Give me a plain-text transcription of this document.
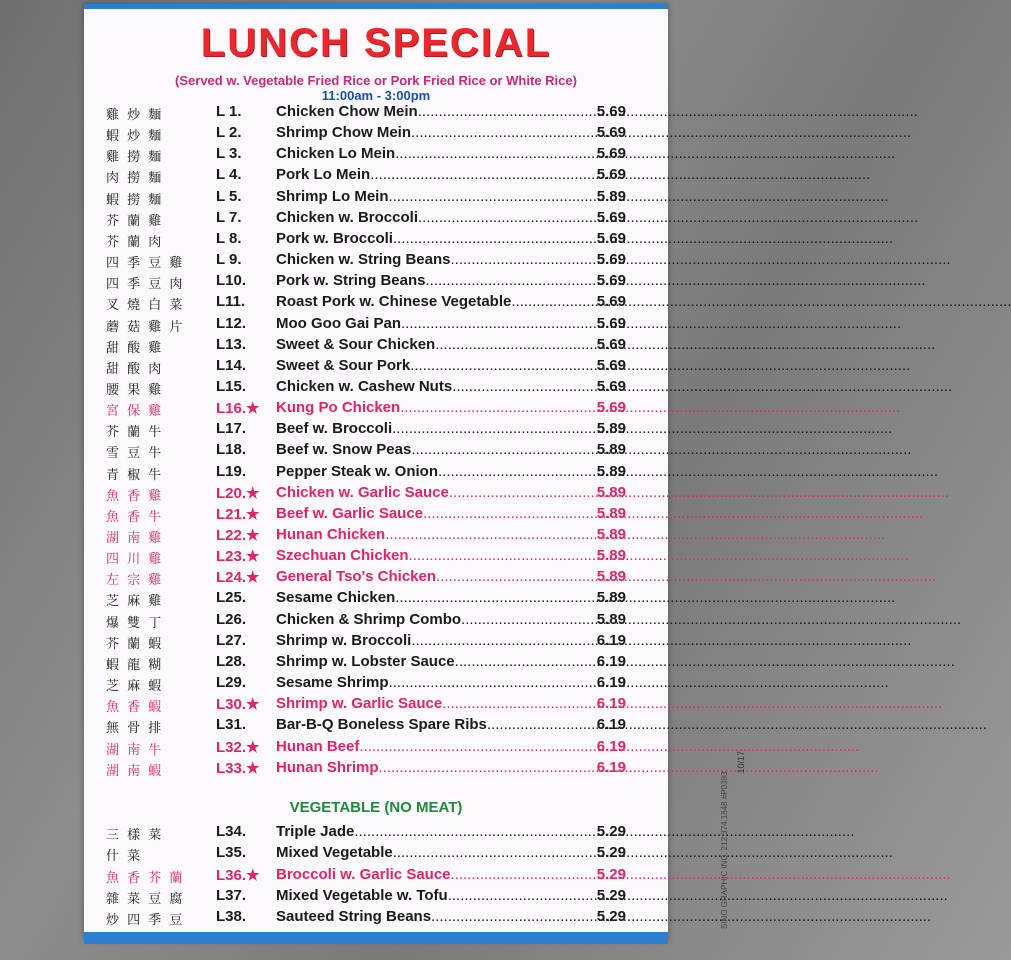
LUNCH SPECIAL
(Served w. Vegetable Fried Rice or Pork Fried Rice or White Rice)
11:00am - 3:00pm
雞 炒 麵	L 1. Chicken Chow Mein .....	5.69
蝦 炒 麵	L 2. Shrimp Chow Mein .....	5.69
雞 撈 麵	L 3. Chicken Lo Mein .....	5.69
肉 撈 麵	L 4. Pork Lo Mein .....	5.69
蝦 撈 麵	L 5. Shrimp Lo Mein .....	5.89
芥 蘭 雞	L 7. Chicken w. Broccoli .....	5.69
芥 蘭 肉	L 8. Pork w. Broccoli .....	5.69
四 季 豆 雞	L 9. Chicken w. String Beans .....	5.69
四 季 豆 肉	L10. Pork w. String Beans .....	5.69
叉 燒 白 菜	L11. Roast Pork w. Chinese Vegetable .....	5.69
蘑 菇 雞 片	L12. Moo Goo Gai Pan .....	5.69
甜 酸 雞	L13. Sweet & Sour Chicken .....	5.69
甜 酸 肉	L14. Sweet & Sour Pork .....	5.69
腰 果 雞	L15. Chicken w. Cashew Nuts .....	5.69
宮 保 雞	L16.★ Kung Po Chicken .....	5.69
芥 蘭 牛	L17. Beef w. Broccoli .....	5.89
雪 豆 牛	L18. Beef w. Snow Peas .....	5.89
青 椒 牛	L19. Pepper Steak w. Onion .....	5.89
魚 香 雞	L20.★ Chicken w. Garlic Sauce .....	5.89
魚 香 牛	L21.★ Beef w. Garlic Sauce .....	5.89
湖 南 雞	L22.★ Hunan Chicken .....	5.89
四 川 雞	L23.★ Szechuan Chicken .....	5.89
左 宗 雞	L24.★ General Tso's Chicken .....	5.89
芝 麻 雞	L25. Sesame Chicken .....	5.89
爆 雙 丁	L26. Chicken & Shrimp Combo .....	5.89
芥 蘭 蝦	L27. Shrimp w. Broccoli .....	6.19
蝦 龍 糊	L28. Shrimp w. Lobster Sauce .....	6.19
芝 麻 蝦	L29. Sesame Shrimp .....	6.19
魚 香 蝦	L30.★ Shrimp w. Garlic Sauce .....	6.19
無 骨 排	L31. Bar-B-Q Boneless Spare Ribs .....	6.19
湖 南 牛	L32.★ Hunan Beef .....	6.19
湖 南 蝦	L33.★ Hunan Shrimp .....	6.19
VEGETABLE (NO MEAT)
三 樣 菜	L34. Triple Jade .....	5.29
什 菜	L35. Mixed Vegetable .....	5.29
魚 香 芥 蘭	L36.★ Broccoli w. Garlic Sauce .....	5.29
雜 菜 豆 腐	L37. Mixed Vegetable w. Tofu .....	5.29
炒 四 季 豆	L38. Sauteed String Beans .....	5.29	SINO GRAPHIC INC. 212.374.1848 #P0393
10/17
